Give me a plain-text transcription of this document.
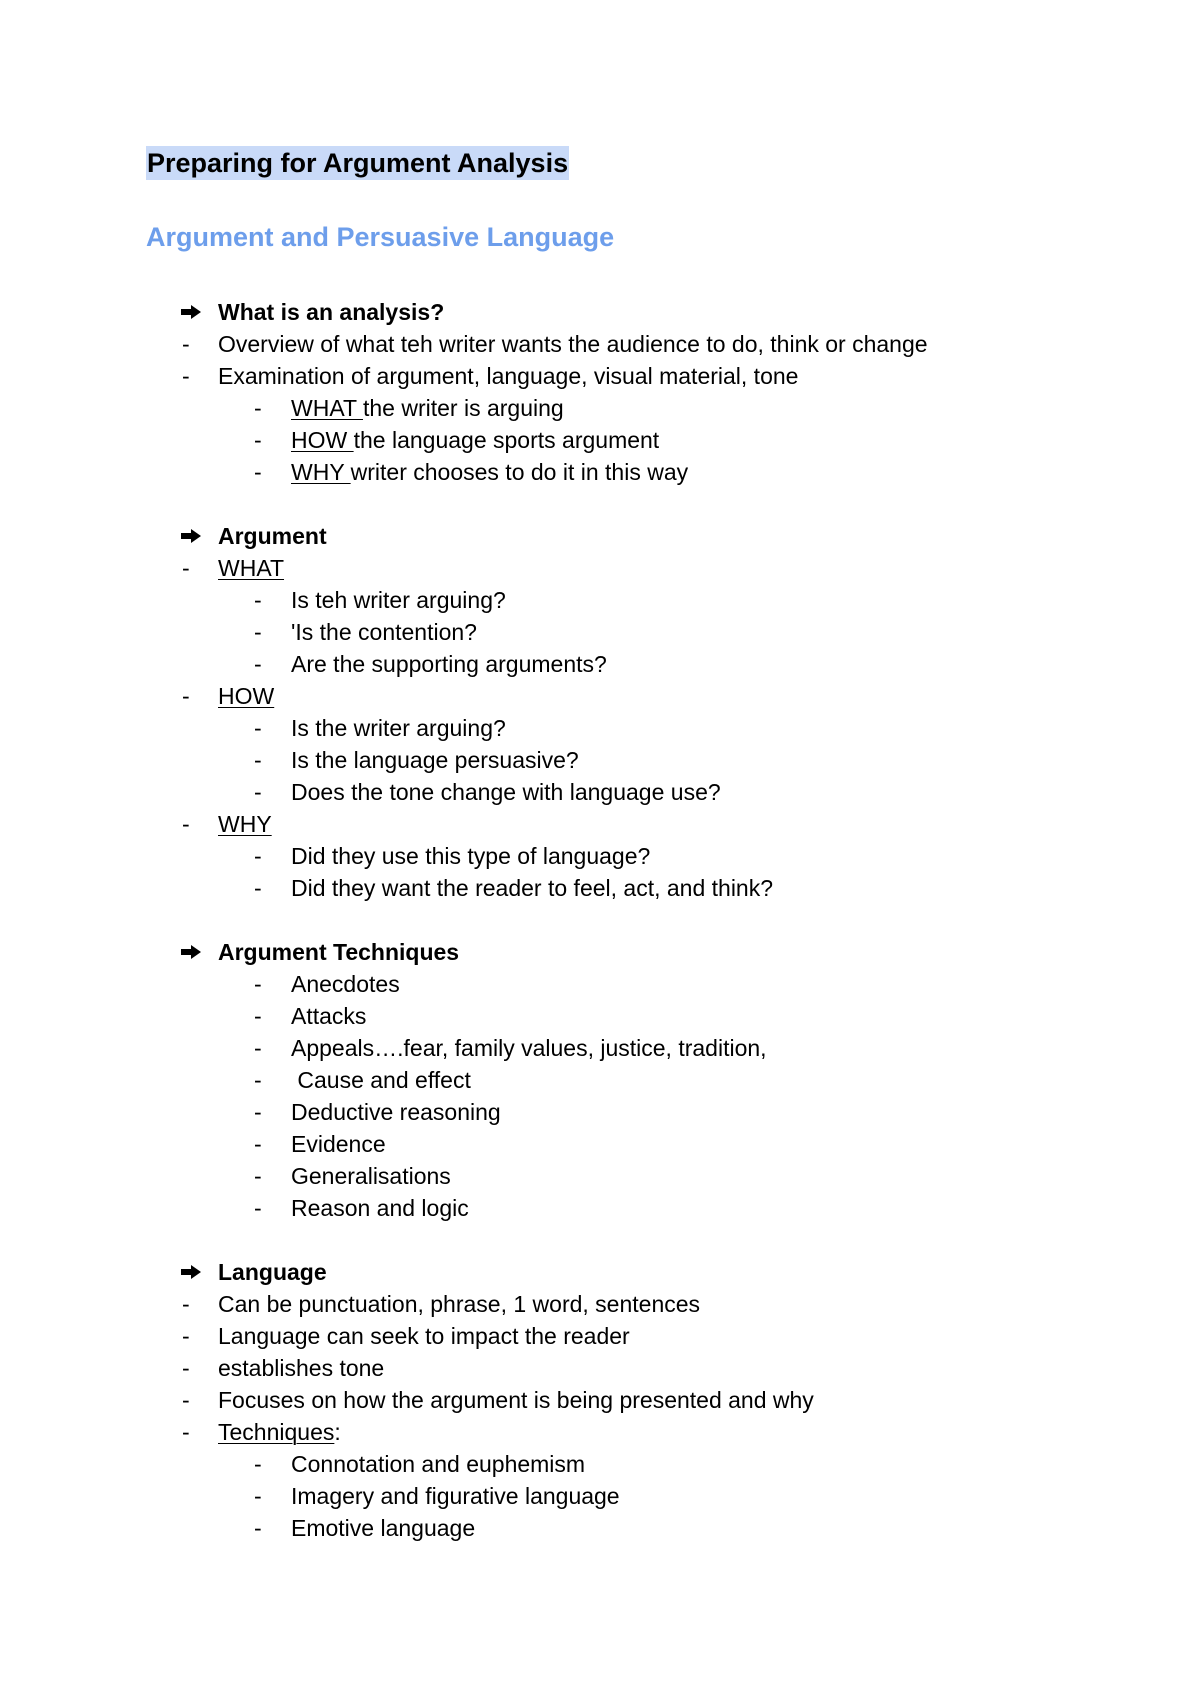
Preparing for Argument Analysis
Argument and Persuasive Language
What is an analysis?
- Overview of what teh writer wants the audience to do, think or change
- Examination of argument, language, visual material, tone
- WHAT the writer is arguing
- HOW the language sports argument
- WHY writer chooses to do it in this way
Argument
- WHAT
- Is teh writer arguing?
- 'Is the contention?
- Are the supporting arguments?
- HOW
- Is the writer arguing?
- Is the language persuasive?
- Does the tone change with language use?
- WHY
- Did they use this type of language?
- Did they want the reader to feel, act, and think?
Argument Techniques
- Anecdotes
- Attacks
- Appeals….fear, family values, justice, tradition,
- Cause and effect
- Deductive reasoning
- Evidence
- Generalisations
- Reason and logic
Language
- Can be punctuation, phrase, 1 word, sentences
- Language can seek to impact the reader
- establishes tone
- Focuses on how the argument is being presented and why
- Techniques:
- Connotation and euphemism
- Imagery and figurative language
- Emotive language
